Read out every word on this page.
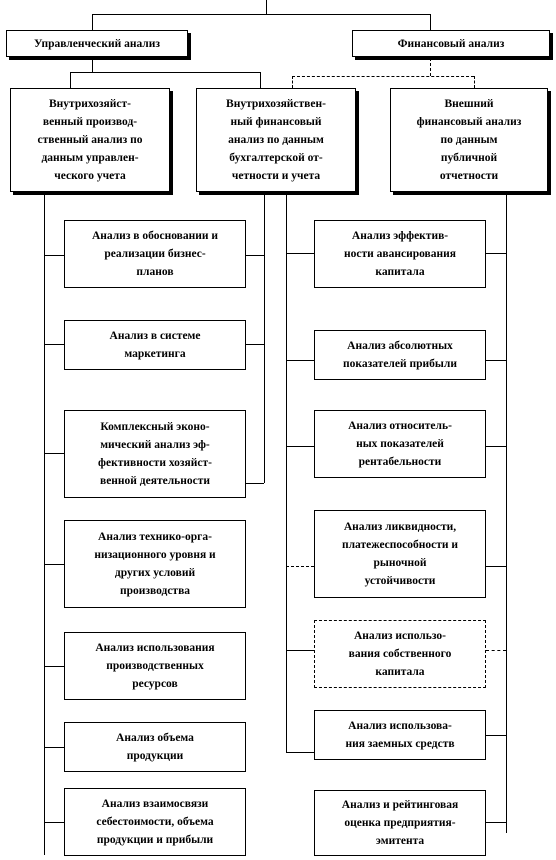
Управленческий анализ	Финансовый анализ
Внутрихозяйст-
венный производ-
ственный анализ по
данным управлен-
ческого учета
Внутрихозяйствен-
ный финансовый
анализ по данным
бухгалтерской от-
четности и учета
Внешний
финансовый анализ
по данным
публичной
отчетности
Анализ в обосновании и
реализации бизнес-
планов
Анализ в системе
маркетинга
Комплексный эконо-
мический анализ эф-
фективности хозяйст-
венной деятельности
Анализ технико-орга-
низационного уровня и
других условий
производства
Анализ использования
производственных
ресурсов
Анализ объема
продукции
Анализ взаимосвязи
себестоимости, объема
продукции и прибыли
Анализ эффектив-
ности авансирования
капитала
Анализ абсолютных
показателей прибыли
Анализ относитель-
ных показателей
рентабельности
Анализ ликвидности,
платежеспособности и
рыночной
устойчивости
Анализ использо-
вания собственного
капитала
Анализ использова-
ния заемных средств
Анализ и рейтинговая
оценка предприятия-
эмитента
